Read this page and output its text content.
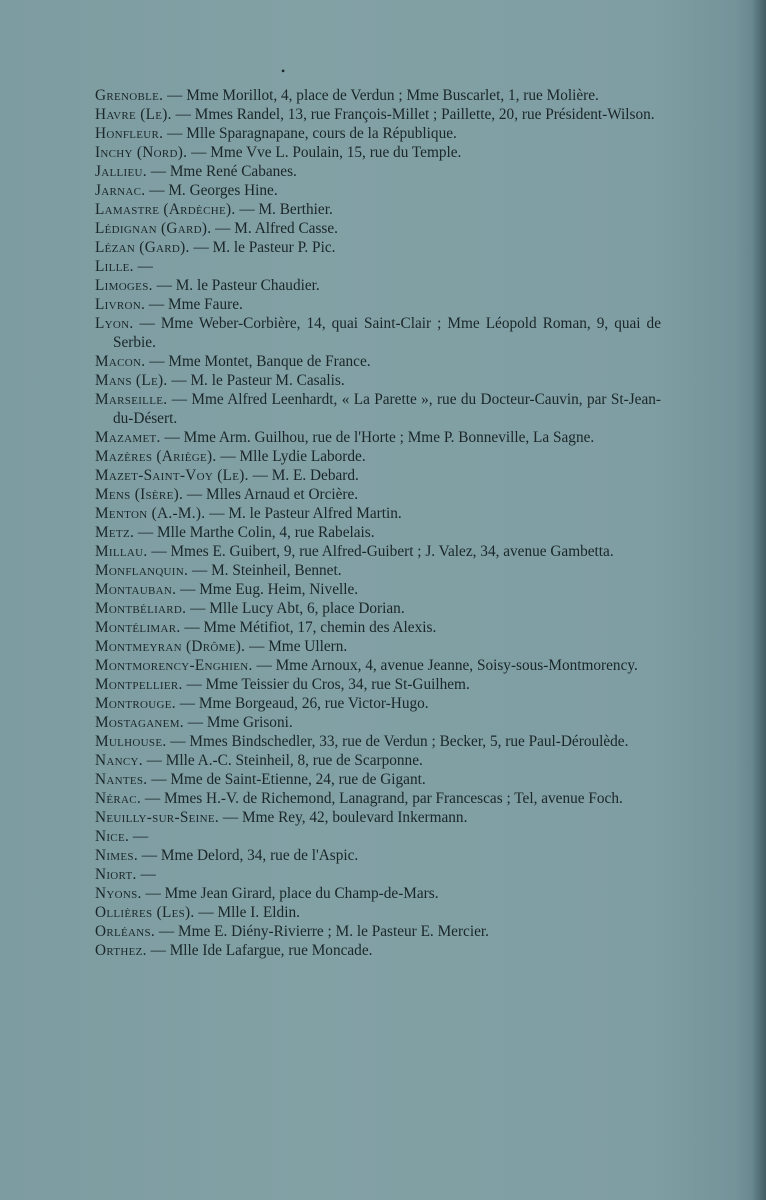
•

Grenoble. — Mme Morillot, 4, place de Verdun ; Mme Buscarlet, 1, rue Molière.

Havre (Le). — Mmes Randel, 13, rue François-Millet ; Paillette, 20, rue Président-Wilson.

Honfleur. — Mlle Sparagnapane, cours de la République.

Inchy (Nord). — Mme Vve L. Poulain, 15, rue du Temple.

Jallieu. — Mme René Cabanes.

Jarnac. — M. Georges Hine.

Lamastre (Ardèche). — M. Berthier.

Lédignan (Gard). — M. Alfred Casse.

Lézan (Gard). — M. le Pasteur P. Pic.

Lille. —

Limoges. — M. le Pasteur Chaudier.

Livron. — Mme Faure.

Lyon. — Mme Weber-Corbière, 14, quai Saint-Clair ; Mme Léopold Roman, 9, quai de Serbie.

Macon. — Mme Montet, Banque de France.

Mans (Le). — M. le Pasteur M. Casalis.

Marseille. — Mme Alfred Leenhardt, « La Parette », rue du Docteur-Cauvin, par St-Jean-du-Désert.

Mazamet. — Mme Arm. Guilhou, rue de l'Horte ; Mme P. Bonneville, La Sagne.

Mazères (Ariège). — Mlle Lydie Laborde.

Mazet-Saint-Voy (Le). — M. E. Debard.

Mens (Isère). — Mlles Arnaud et Orcière.

Menton (A.-M.). — M. le Pasteur Alfred Martin.

Metz. — Mlle Marthe Colin, 4, rue Rabelais.

Millau. — Mmes E. Guibert, 9, rue Alfred-Guibert ; J. Valez, 34, avenue Gambetta.

Monflanquin. — M. Steinheil, Bennet.

Montauban. — Mme Eug. Heim, Nivelle.

Montbéliard. — Mlle Lucy Abt, 6, place Dorian.

Montélimar. — Mme Métifiot, 17, chemin des Alexis.

Montmeyran (Drôme). — Mme Ullern.

Montmorency-Enghien. — Mme Arnoux, 4, avenue Jeanne, Soisy-sous-Montmorency.

Montpellier. — Mme Teissier du Cros, 34, rue St-Guilhem.

Montrouge. — Mme Borgeaud, 26, rue Victor-Hugo.

Mostaganem. — Mme Grisoni.

Mulhouse. — Mmes Bindschedler, 33, rue de Verdun ; Becker, 5, rue Paul-Déroulède.

Nancy. — Mlle A.-C. Steinheil, 8, rue de Scarponne.

Nantes. — Mme de Saint-Etienne, 24, rue de Gigant.

Nérac. — Mmes H.-V. de Richemond, Lanagrand, par Francescas ; Tel, avenue Foch.

Neuilly-sur-Seine. — Mme Rey, 42, boulevard Inkermann.

Nice. —

Nimes. — Mme Delord, 34, rue de l'Aspic.

Niort. —

Nyons. — Mme Jean Girard, place du Champ-de-Mars.

Ollières (Les). — Mlle I. Eldin.

Orléans. — Mme E. Diény-Rivierre ; M. le Pasteur E. Mercier.

Orthez. — Mlle Ide Lafargue, rue Moncade.
